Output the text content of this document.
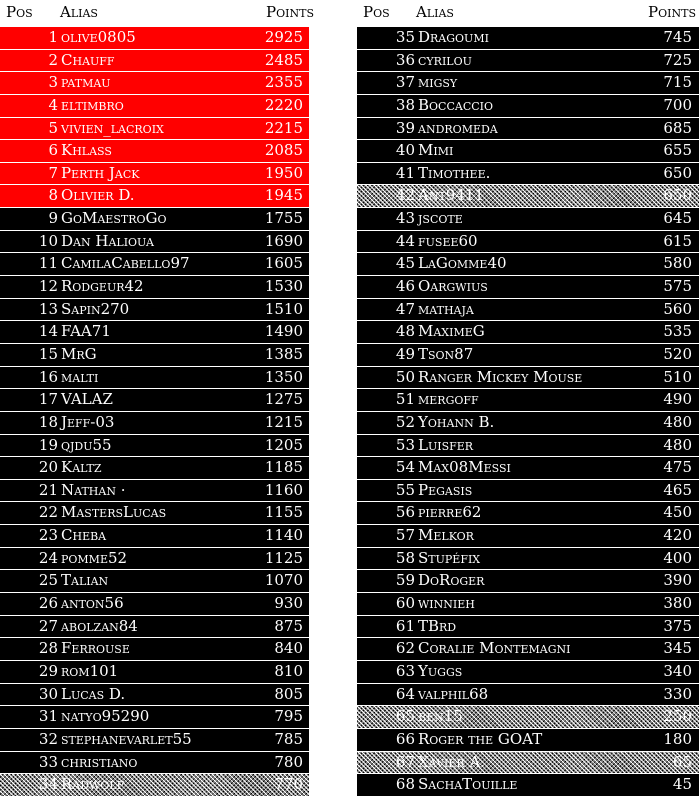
Pos Alias	Points
1 olive0805	2925
2 Chauff	2485
3 patmau	2355
4 eltimbro	2220
5 vivien_lacroix	2215
6 Khlass	2085
7 Perth Jack	1950
8 Olivier D.	1945
9 GoMaestroGo	1755
10 Dan Halioua	1690
11 CamilaCabello97	1605
12 Rodgeur42	1530
13 Sapin270	1510
14 FAA71	1490
15 MrG	1385
16 malti	1350
17 VALAZ	1275
18 Jeff-03	1215
19 qjdu55	1205
20 Kaltz	1185
21 Nathan ·	1160
22 MastersLucas	1155
23 Cheba	1140
24 pomme52	1125
25 Talian	1070
26 anton56	930
27 abolzan84	875
28 Ferrouse	840
29 rom101	810
30 Lucas D.	805
31 natyo95290	795
32 stephanevarlet55	785
33 christiano	780
34 Radwolf	770
Pos Alias	Points
35 Dragoumi	745
36 cyrilou	725
37 migsy	715
38 Boccaccio	700
39 andromeda	685
40 Mimi	655
41 Timothee.	650
42 Ant9411	650
43 jscote	645
44 fusee60	615
45 LaGomme40	580
46 Oargwius	575
47 mathaja	560
48 MaximeG	535
49 Tson87	520
50 Ranger Mickey Mouse	510
51 mergoff	490
52 Yohann B.	480
53 Luisfer	480
54 Max08Messi	475
55 Pegasis	465
56 pierre62	450
57 Melkor	420
58 Stupéfix	400
59 DoRoger	390
60 winnieh	380
61 TBrd	375
62 Coralie Montemagni	345
63 Yuggs	340
64 valphil68	330
65 ben15	250
66 Roger the GOAT	180
67 Xavier A.	65
68 SachaTouille	45
